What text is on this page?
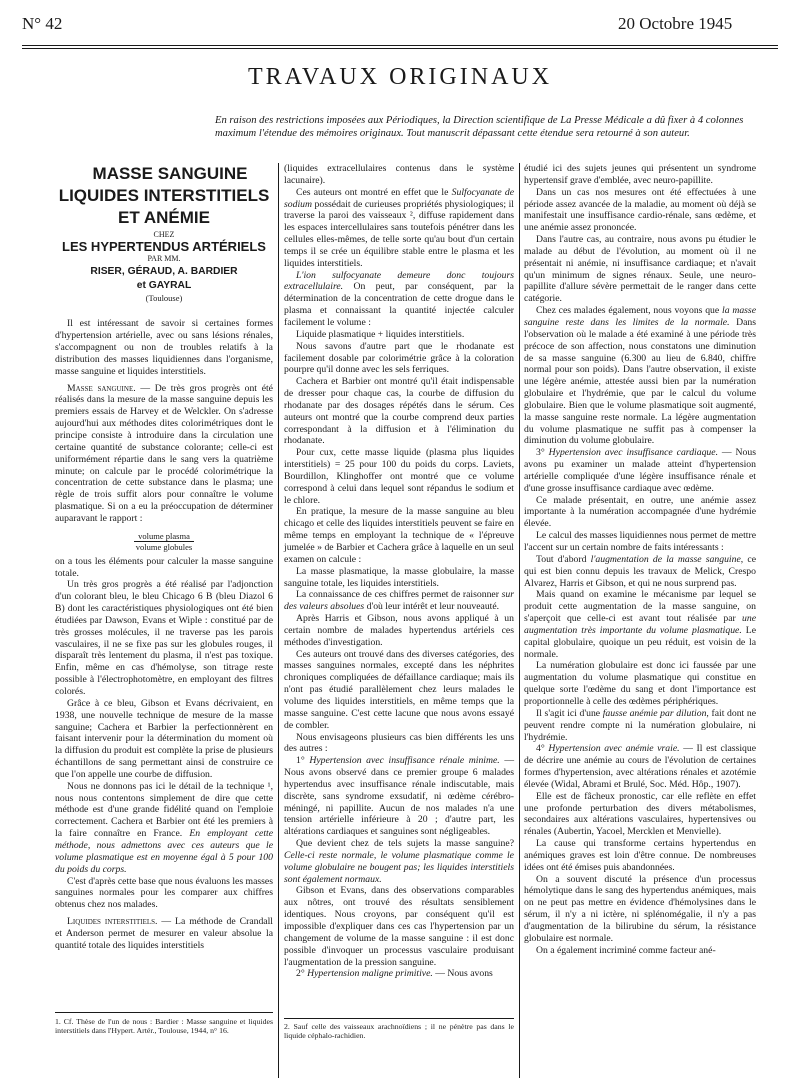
N° 42	20 Octobre 1945
TRAVAUX ORIGINAUX
En raison des restrictions imposées aux Périodiques, la Direction scientifique de La Presse Médicale a dû fixer à 4 colonnes maximum l'étendue des mémoires originaux. Tout manuscrit dépassant cette étendue sera retourné à son auteur.

MASSE SANGUINE LIQUIDES INTERSTITIELS ET ANÉMIE

CHEZ

LES HYPERTENDUS ARTÉRIELS

PAR MM.

RISER, GÉRAUD, A. BARDIER

et GAYRAL

(Toulouse)

Il est intéressant de savoir si certaines formes d'hypertension artérielle, avec ou sans lésions rénales, s'accompagnent ou non de troubles relatifs à la distribution des masses liquidiennes dans l'organisme, masse sanguine et liquides interstitiels.

Masse sanguine. — De très gros progrès ont été réalisés dans la mesure de la masse sanguine depuis les premiers essais de Harvey et de Welckler. On s'adresse aujourd'hui aux méthodes dites colorimétriques dont le principe consiste à introduire dans la circulation une certaine quantité de substance colorante; celle-ci est uniformément répartie dans le sang vers la quatrième minute; on calcule par le procédé colorimétrique la concentration de cette substance dans le plasma; une règle de trois suffit alors pour connaître le volume plasmatique. Si on a eu la préoccupation de déterminer auparavant le rapport :

volume plasma
volume globules

on a tous les éléments pour calculer la masse sanguine totale.

Un très gros progrès a été réalisé par l'adjonction d'un colorant bleu, le bleu Chicago 6 B (bleu Diazol 6 B) dont les caractéristiques physiologiques ont été bien étudiées par Dawson, Evans et Wiple : constitué par de très grosses molécules, il ne traverse pas les parois vasculaires, il ne se fixe pas sur les globules rouges, il disparaît très lentement du plasma, il n'est pas toxique. Enfin, même en cas d'hémolyse, son titrage reste possible à l'électrophotomètre, en employant des filtres colorés.

Grâce à ce bleu, Gibson et Evans décrivaient, en 1938, une nouvelle technique de mesure de la masse sanguine; Cachera et Barbier la perfectionnèrent en faisant intervenir pour la détermination du moment où la diffusion du produit est complète la prise de plusieurs échantillons de sang permettant ainsi de construire ce que l'on appelle une courbe de diffusion.

Nous ne donnons pas ici le détail de la technique ¹, nous nous contentons simplement de dire que cette méthode est d'une grande fidélité quand on l'emploie correctement. Cachera et Barbier ont été les premiers à la faire connaître en France. En employant cette méthode, nous admettons avec ces auteurs que le volume plasmatique est en moyenne égal à 5 pour 100 du poids du corps.

C'est d'après cette base que nous évaluons les masses sanguines normales pour les comparer aux chiffres obtenus chez nos malades.

Liquides interstitiels. — La méthode de Crandall et Anderson permet de mesurer en valeur absolue la quantité totale des liquides interstitiels

(liquides extracellulaires contenus dans le système lacunaire).

Ces auteurs ont montré en effet que le Sulfocyanate de sodium possédait de curieuses propriétés physiologiques; il traverse la paroi des vaisseaux ², diffuse rapidement dans les espaces intercellulaires sans toutefois pénétrer dans les cellules elles-mêmes, de telle sorte qu'au bout d'un certain temps il se crée un équilibre stable entre le plasma et les liquides interstitiels.

L'ion sulfocyanate demeure donc toujours extracellulaire. On peut, par conséquent, par la détermination de la concentration de cette drogue dans le plasma et connaissant la quantité injectée calculer facilement le volume :

Liquide plasmatique + liquides interstitiels.

Nous savons d'autre part que le rhodanate est facilement dosable par colorimétrie grâce à la coloration pourpre qu'il donne avec les sels ferriques.

Cachera et Barbier ont montré qu'il était indispensable de dresser pour chaque cas, la courbe de diffusion du rhodanate par des dosages répétés dans le sérum. Ces auteurs ont montré que la courbe comprend deux parties correspondant à la diffusion et à l'élimination du rhodanate.

Pour cux, cette masse liquide (plasma plus liquides interstitiels) = 25 pour 100 du poids du corps. Laviets, Bourdillon, Klinghoffer ont montré que ce volume correspond à celui dans lequel sont répandus le sodium et le chlore.

En pratique, la mesure de la masse sanguine au bleu chicago et celle des liquides interstitiels peuvent se faire en même temps en employant la technique de « l'épreuve jumelée » de Barbier et Cachera grâce à laquelle en un seul examen on calcule :

La masse plasmatique, la masse globulaire, la masse sanguine totale, les liquides interstitiels.

La connaissance de ces chiffres permet de raisonner sur des valeurs absolues d'où leur intérêt et leur nouveauté.

Après Harris et Gibson, nous avons appliqué à un certain nombre de malades hypertendus artériels ces méthodes d'investigation.

Ces auteurs ont trouvé dans des diverses catégories, des masses sanguines normales, excepté dans les néphrites chroniques compliquées de défaillance cardiaque; mais ils n'ont pas étudié parallèlement chez leurs malades le volume des liquides interstitiels, en même temps que la masse sanguine. C'est cette lacune que nous avons essayé de combler.

Nous envisageons plusieurs cas bien différents les uns des autres :

1° Hypertension avec insuffisance rénale minime. — Nous avons observé dans ce premier groupe 6 malades hypertendus avec insuffisance rénale indiscutable, mais discrète, sans syndrome exsudatif, ni œdème cérébro-méningé, ni papillite. Aucun de nos malades n'a une tension artérielle inférieure à 20 ; d'autre part, les altérations cardiaques et sanguines sont négligeables.

Que devient chez de tels sujets la masse sanguine? Celle-ci reste normale, le volume plasmatique comme le volume globulaire ne bougent pas; les liquides interstitiels sont également normaux.

Gibson et Evans, dans des observations comparables aux nôtres, ont trouvé des résultats sensiblement identiques. Nous croyons, par conséquent qu'il est impossible d'expliquer dans ces cas l'hypertension par un changement de volume de la masse sanguine : il est donc possible d'invoquer un processus vasculaire produisant l'augmentation de la pression sanguine.

2° Hypertension maligne primitive. — Nous avons

étudié ici des sujets jeunes qui présentent un syndrome hypertensif grave d'emblée, avec neuro-papillite.

Dans un cas nos mesures ont été effectuées à une période assez avancée de la maladie, au moment où déjà se manifestait une insuffisance cardio-rénale, sans œdème, et une anémie assez prononcée.

Dans l'autre cas, au contraire, nous avons pu étudier le malade au début de l'évolution, au moment où il ne présentait ni anémie, ni insuffisance cardiaque; et n'avait qu'un minimum de signes rénaux. Seule, une neuro-papillite d'allure sévère permettait de le ranger dans cette catégorie.

Chez ces malades également, nous voyons que la masse sanguine reste dans les limites de la normale. Dans l'observation où le malade a été examiné à une période très précoce de son affection, nous constatons une diminution de sa masse sanguine (6.300 au lieu de 6.840, chiffre normal pour son poids). Dans l'autre observation, il existe une légère anémie, attestée aussi bien par la numération globulaire et l'hydrémie, que par le calcul du volume globulaire. Bien que le volume plasmatique soit augmenté, la masse sanguine reste normale. La légère augmentation du volume plasmatique ne suffit pas à compenser la diminution du volume globulaire.

3° Hypertension avec insuffisance cardiaque. — Nous avons pu examiner un malade atteint d'hypertension artérielle compliquée d'une légère insuffisance rénale et d'une grosse insuffisance cardiaque avec œdème.

Ce malade présentait, en outre, une anémie assez importante à la numération accompagnée d'une hydrémie élevée.

Le calcul des masses liquidiennes nous permet de mettre l'accent sur un certain nombre de faits intéressants :

Tout d'abord l'augmentation de la masse sanguine, ce qui est bien connu depuis les travaux de Melick, Crespo Alvarez, Harris et Gibson, et qui ne nous surprend pas.

Mais quand on examine le mécanisme par lequel se produit cette augmentation de la masse sanguine, on s'aperçoit que celle-ci est avant tout réalisée par une augmentation très importante du volume plasmatique. Le capital globulaire, quoique un peu réduit, est voisin de la normale.

La numération globulaire est donc ici faussée par une augmentation du volume plasmatique qui constitue en quelque sorte l'œdème du sang et dont l'importance est proportionnelle à celle des œdèmes périphériques.

Il s'agit ici d'une fausse anémie par dilution, fait dont ne peuvent rendre compte ni la numération globulaire, ni l'hydrémie.

4° Hypertension avec anémie vraie. — Il est classique de décrire une anémie au cours de l'évolution de certaines formes d'hypertension, avec altérations rénales et azotémie élevée (Widal, Abrami et Brulé, Soc. Méd. Hôp., 1907).

Elle est de fâcheux pronostic, car elle reflète en effet une profonde perturbation des divers métabolismes, secondaires aux altérations vasculaires, hypertensives ou rénales (Aubertin, Yacoel, Mercklen et Menvielle).

La cause qui transforme certains hypertendus en anémiques graves est loin d'être connue. De nombreuses idées ont été émises puis abandonnées.

On a souvent discuté la présence d'un processus hémolytique dans le sang des hypertendus anémiques, mais on ne peut pas mettre en évidence d'hémolysines dans le sérum, il n'y a ni ictère, ni splénomégalie, il n'y a pas d'augmentation de la bilirubine du sérum, la résistance globulaire est normale.

On a également incriminé comme facteur ané-

1. Cf. Thèse de l'un de nous : Bardier : Masse sanguine et liquides interstitiels dans l'Hypert. Artér., Toulouse, 1944, n° 16.	2. Sauf celle des vaisseaux arachnoïdiens ; il ne pénètre pas dans le liquide céphalo-rachidien.
